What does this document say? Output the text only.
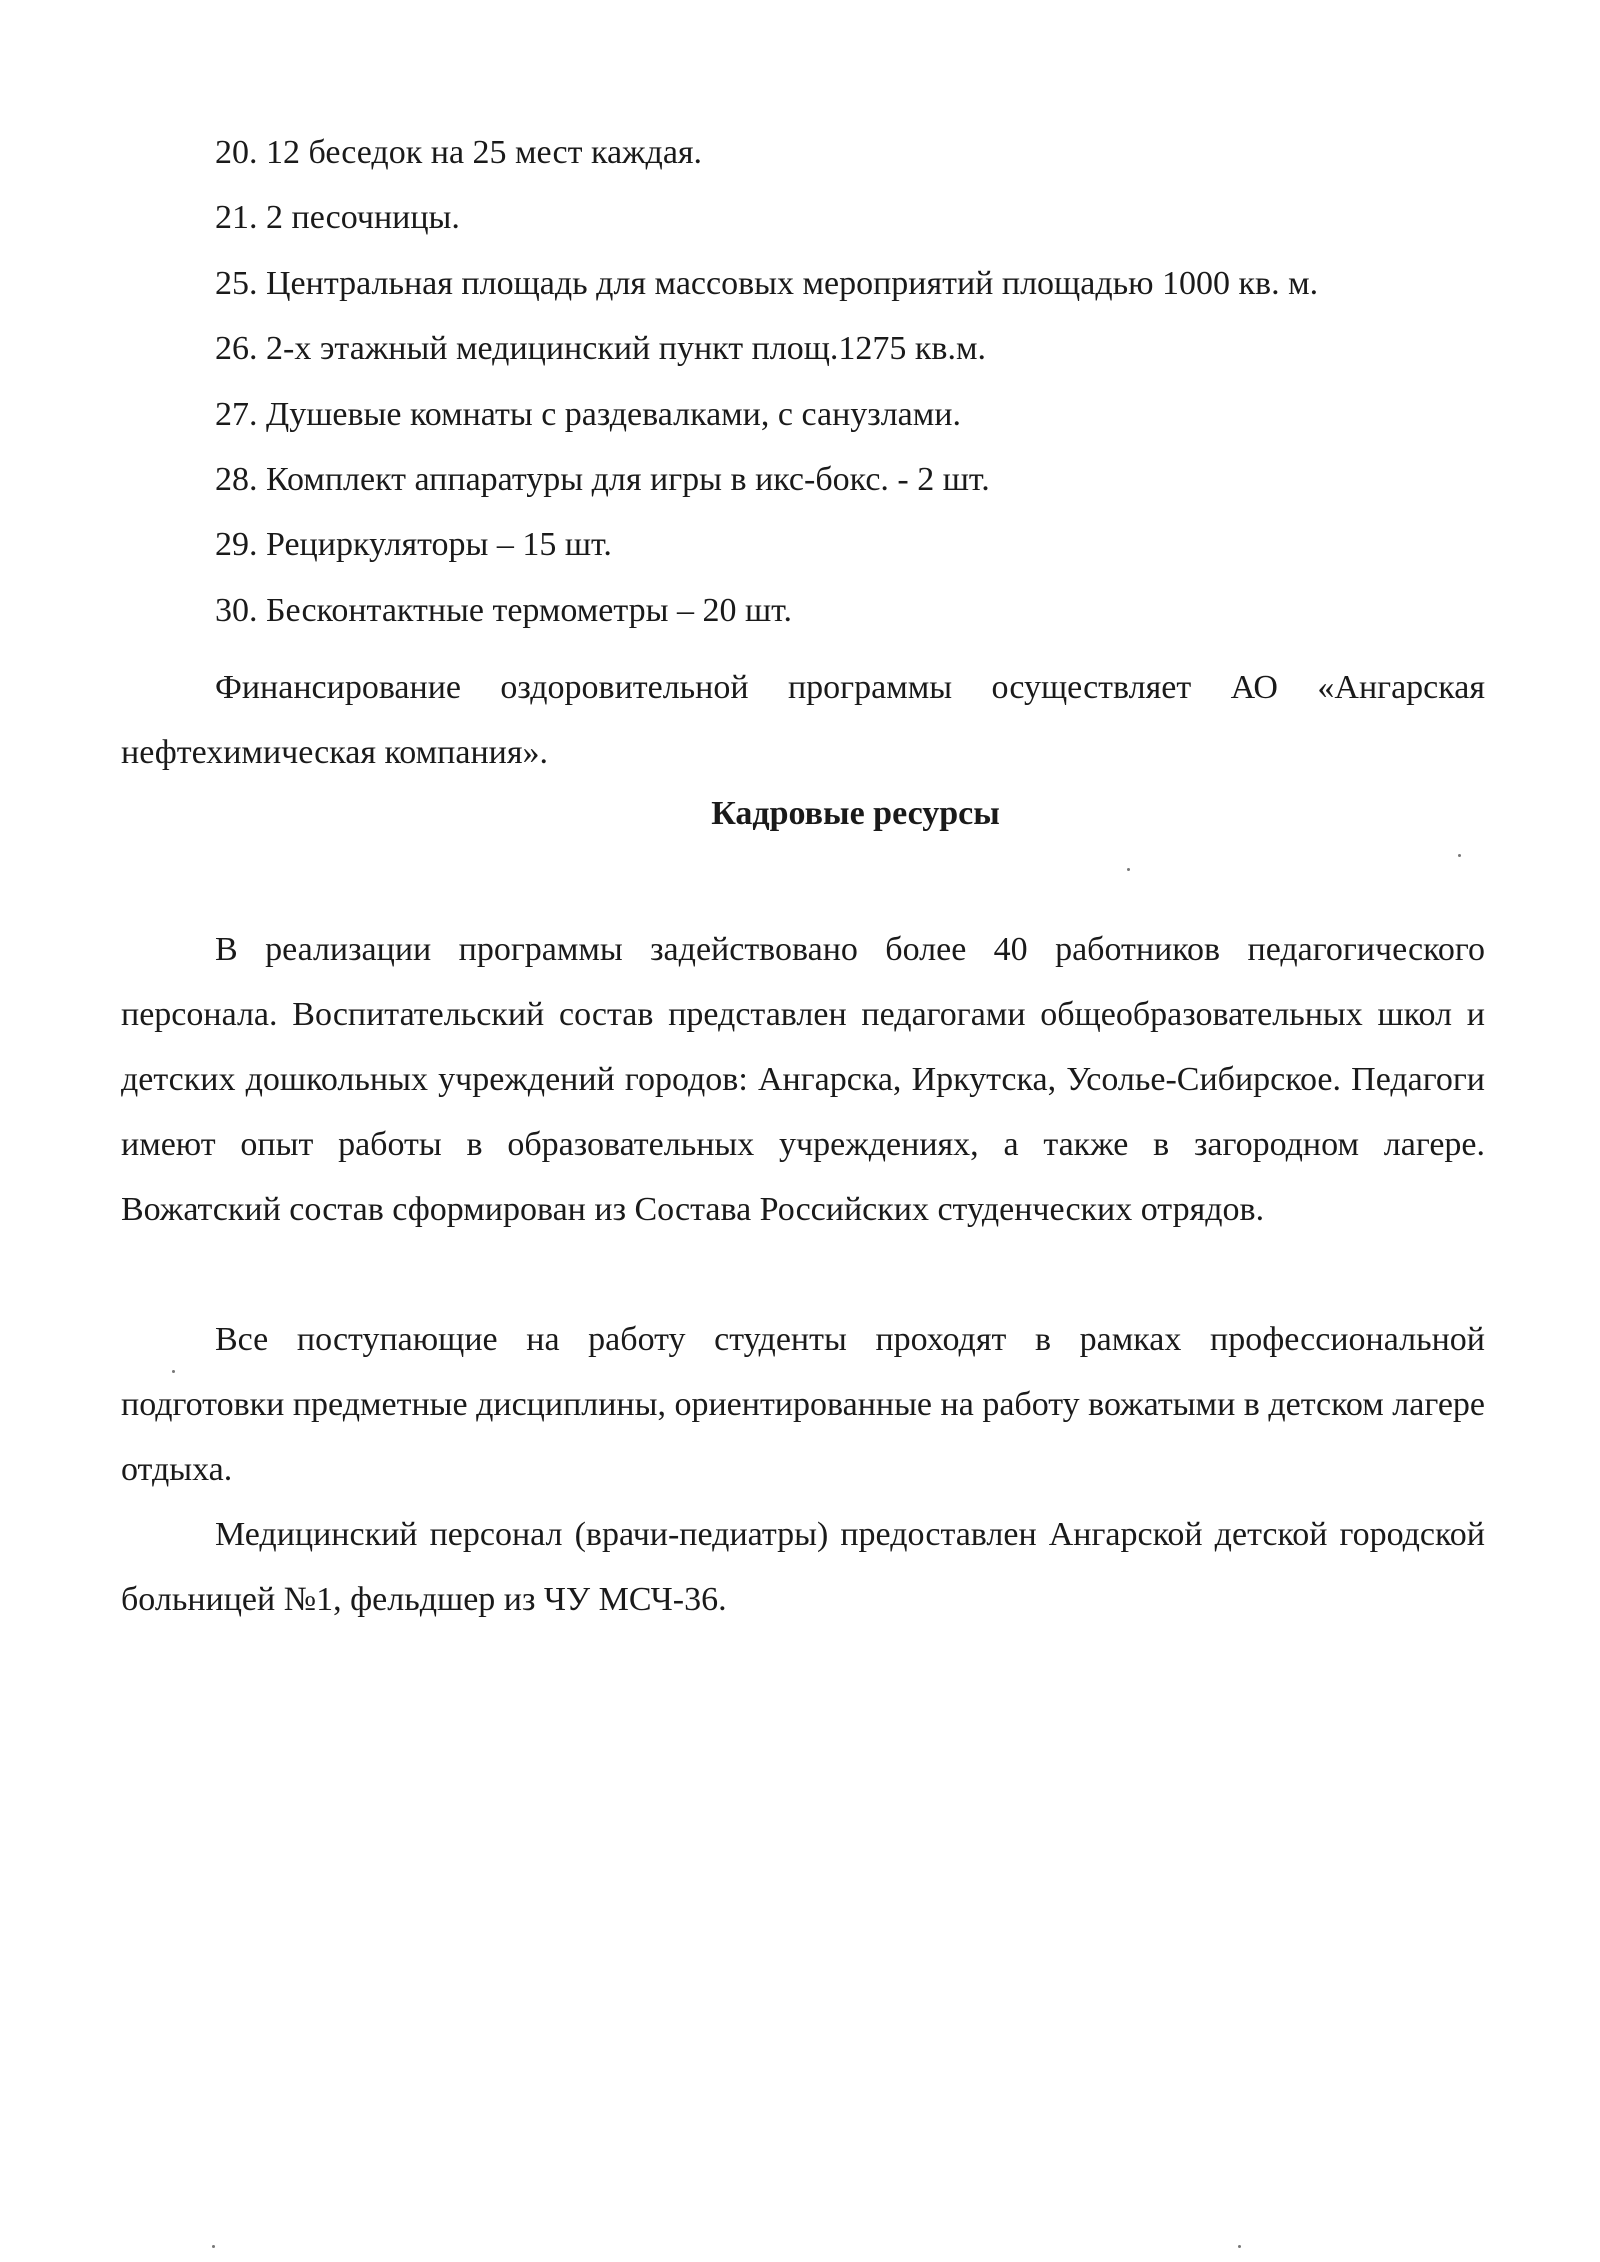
20. 12 беседок на 25 мест каждая.
21. 2 песочницы.
25. Центральная площадь для массовых мероприятий площадью 1000 кв. м.
26. 2-х этажный медицинский пункт площ.1275 кв.м.
27. Душевые комнаты с раздевалками, с санузлами.
28. Комплект аппаратуры для игры в икс-бокс. - 2 шт.
29. Рециркуляторы – 15 шт.
30. Бесконтактные термометры – 20 шт.

Финансирование оздоровительной программы осуществляет АО «Ангарская нефтехимическая компания».

Кадровые ресурсы

В реализации программы задействовано более 40 работников педагогического персонала. Воспитательский состав представлен педагогами общеобразовательных школ и детских дошкольных учреждений городов: Ангарска, Иркутска, Усолье-Сибирское. Педагоги имеют опыт работы в образовательных учреждениях, а также в загородном лагере. Вожатский состав сформирован из Состава Российских студенческих отрядов.

Все поступающие на работу студенты проходят в рамках профессиональной подготовки предметные дисциплины, ориентированные на работу вожатыми в детском лагере отдыха.

Медицинский персонал (врачи-педиатры) предоставлен Ангарской детской городской больницей №1, фельдшер из ЧУ МСЧ-36.
